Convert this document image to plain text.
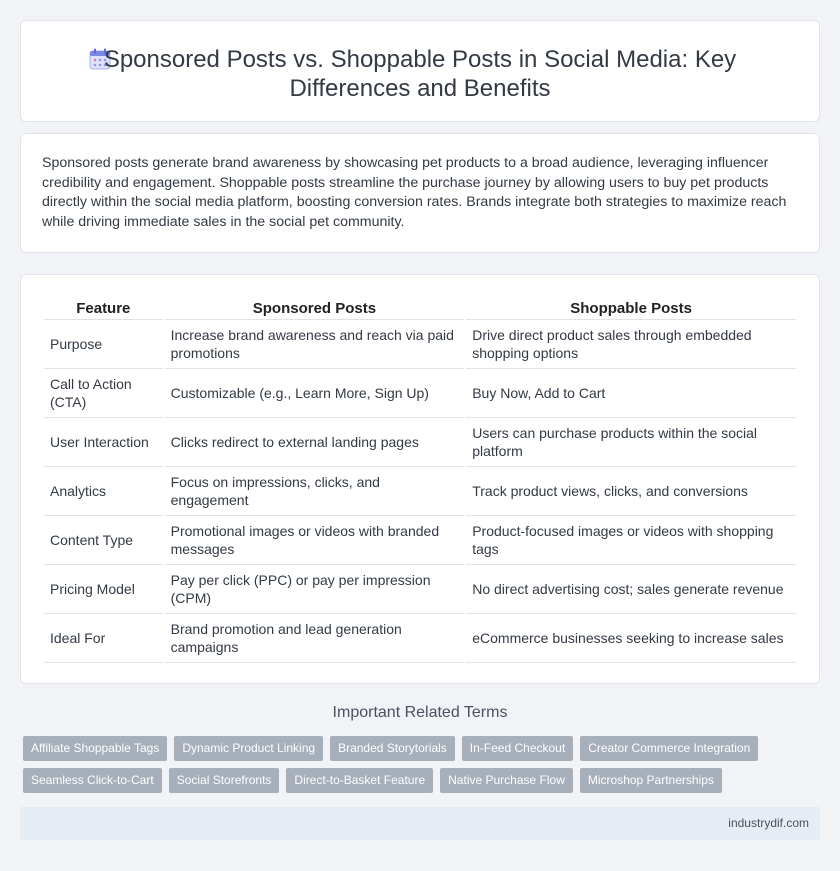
Sponsored Posts vs. Shoppable Posts in Social Media: Key
Differences and Benefits
Sponsored posts generate brand awareness by showcasing pet products to a broad audience, leveraging influencer credibility and engagement. Shoppable posts streamline the purchase journey by allowing users to buy pet products directly within the social media platform, boosting conversion rates. Brands integrate both strategies to maximize reach while driving immediate sales in the social pet community.
Feature	Sponsored Posts	Shoppable Posts
Purpose	Increase brand awareness and reach via paid promotions	Drive direct product sales through embedded shopping options
Call to Action (CTA)	Customizable (e.g., Learn More, Sign Up)	Buy Now, Add to Cart
User Interaction	Clicks redirect to external landing pages	Users can purchase products within the social platform
Analytics	Focus on impressions, clicks, and engagement	Track product views, clicks, and conversions
Content Type	Promotional images or videos with branded messages	Product-focused images or videos with shopping tags
Pricing Model	Pay per click (PPC) or pay per impression (CPM)	No direct advertising cost; sales generate revenue
Ideal For	Brand promotion and lead generation campaigns	eCommerce businesses seeking to increase sales
Important Related Terms
Affiliate Shoppable Tags	Dynamic Product Linking	Branded Storytorials	In-Feed Checkout	Creator Commerce Integration
Seamless Click-to-Cart	Social Storefronts	Direct-to-Basket Feature	Native Purchase Flow	Microshop Partnerships
industrydif.com
